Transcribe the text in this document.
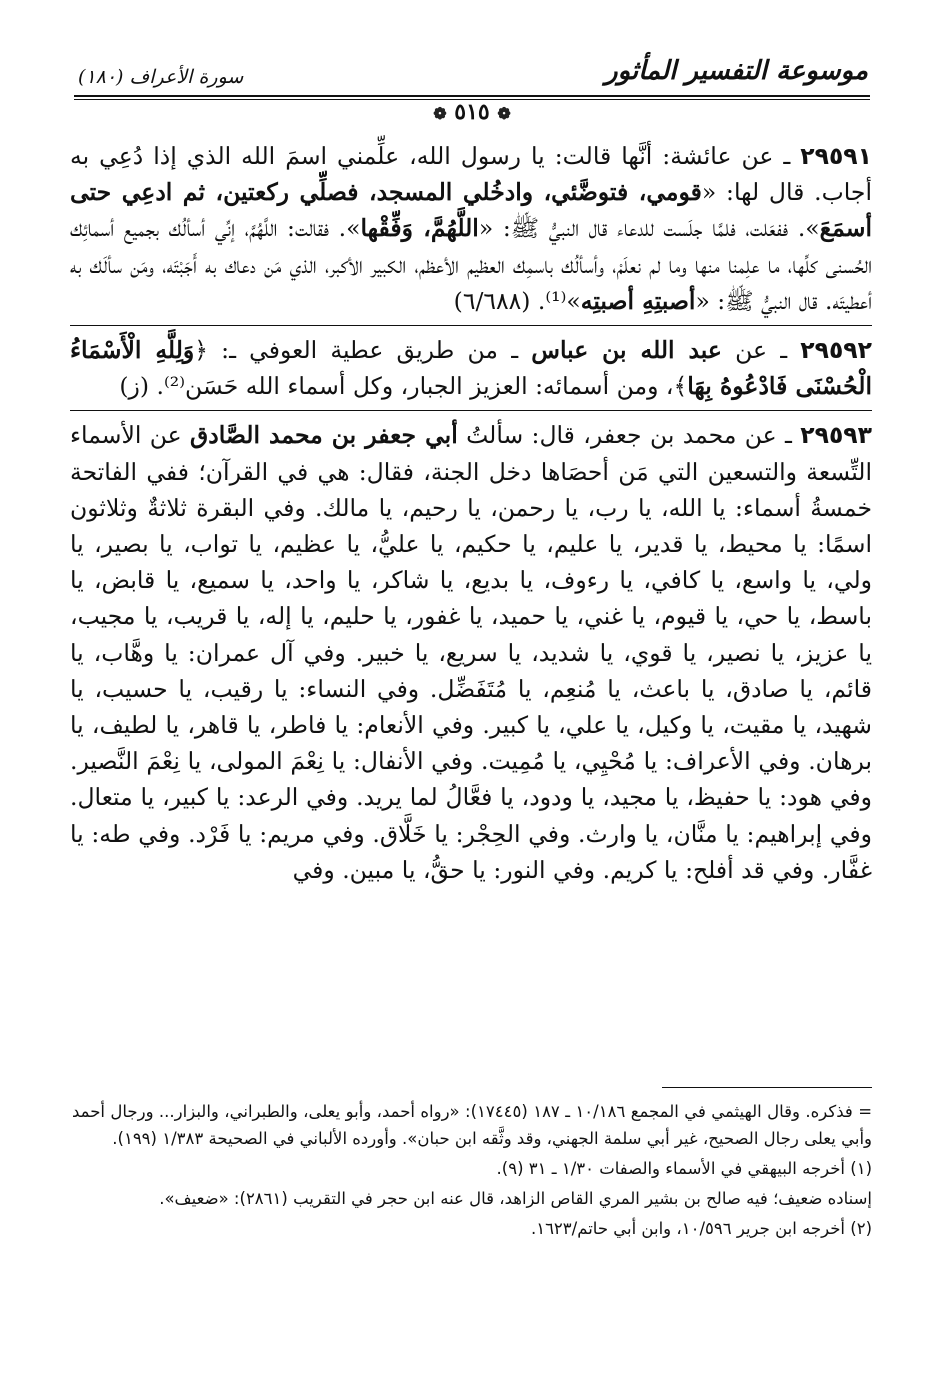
موسوعة التفسير المأثور
سورة الأعراف (١٨٠)
❁ ٥١٥ ❁

٢٩٥٩١ ـ عن عائشة: أنَّها قالت: يا رسول الله، علِّمني اسمَ الله الذي إذا دُعِي به أجاب. قال لها: «قومي، فتوضَّئي، وادخُلي المسجد، فصلِّي ركعتين، ثم ادعِي حتى أسمَعَ». ففعَلت، فلمَّا جلَست للدعاء قال النبيُّ ﷺ: «اللَّهُمَّ، وَفِّقْها». فقالت: اللَّهُمَّ، إنِّي أسألُك بجميع أسمائِك الحُسنى كلِّها، ما علِمنا منها وما لم نعلَمْ، وأسألُك باسمِك العظيم الأعظم، الكبير الأكبر، الذي مَن دعاك به أَجَبْتَه، ومَن سألَك به أعطيتَه. قال النبيُّ ﷺ: «أصبتِهِ أصبتِه»⁽¹⁾. (٦/٦٨٨)

٢٩٥٩٢ ـ عن عبد الله بن عباس ـ من طريق عطية العوفي ـ: ﴿وَلِلَّهِ الْأَسْمَاءُ الْحُسْنَى فَادْعُوهُ بِهَا﴾، ومن أسمائه: العزيز الجبار، وكل أسماء الله حَسَن⁽²⁾. (ز)

٢٩٥٩٣ ـ عن محمد بن جعفر، قال: سألتُ أبي جعفر بن محمد الصَّادق عن الأسماء التِّسعة والتسعين التي مَن أحصَاها دخل الجنة، فقال: هي في القرآن؛ ففي الفاتحة خمسةُ أسماء: يا الله، يا رب، يا رحمن، يا رحيم، يا مالك. وفي البقرة ثلاثةٌ وثلاثون اسمًا: يا محيط، يا قدير، يا عليم، يا حكيم، يا عليُّ، يا عظيم، يا تواب، يا بصير، يا ولي، يا واسع، يا كافي، يا رءوف، يا بديع، يا شاكر، يا واحد، يا سميع، يا قابض، يا باسط، يا حي، يا قيوم، يا غني، يا حميد، يا غفور، يا حليم، يا إله، يا قريب، يا مجيب، يا عزيز، يا نصير، يا قوي، يا شديد، يا سريع، يا خبير. وفي آل عمران: يا وهَّاب، يا قائم، يا صادق، يا باعث، يا مُنعِم، يا مُتَفَضِّل. وفي النساء: يا رقيب، يا حسيب، يا شهيد، يا مقيت، يا وكيل، يا علي، يا كبير. وفي الأنعام: يا فاطر، يا قاهر، يا لطيف، يا برهان. وفي الأعراف: يا مُحْيِي، يا مُمِيت. وفي الأنفال: يا نِعْمَ المولى، يا نِعْمَ النَّصير. وفي هود: يا حفيظ، يا مجيد، يا ودود، يا فعَّالُ لما يريد. وفي الرعد: يا كبير، يا متعال. وفي إبراهيم: يا منَّان، يا وارث. وفي الحِجْر: يا خَلَّاق. وفي مريم: يا فَرْد. وفي طه: يا غفَّار. وفي قد أفلح: يا كريم. وفي النور: يا حقُّ، يا مبين. وفي

= فذكره. وقال الهيثمي في المجمع ١٠/١٨٦ ـ ١٨٧ (١٧٤٤٥): «رواه أحمد، وأبو يعلى، والطبراني، والبزار... ورجال أحمد وأبي يعلى رجال الصحيح، غير أبي سلمة الجهني، وقد وثَّقه ابن حبان». وأورده الألباني في الصحيحة ١/٣٨٣ (١٩٩).

(١) أخرجه البيهقي في الأسماء والصفات ١/٣٠ ـ ٣١ (٩).

إسناده ضعيف؛ فيه صالح بن بشير المري القاص الزاهد، قال عنه ابن حجر في التقريب (٢٨٦١): «ضعيف».

(٢) أخرجه ابن جرير ١٠/٥٩٦، وابن أبي حاتم/١٦٢٣.
